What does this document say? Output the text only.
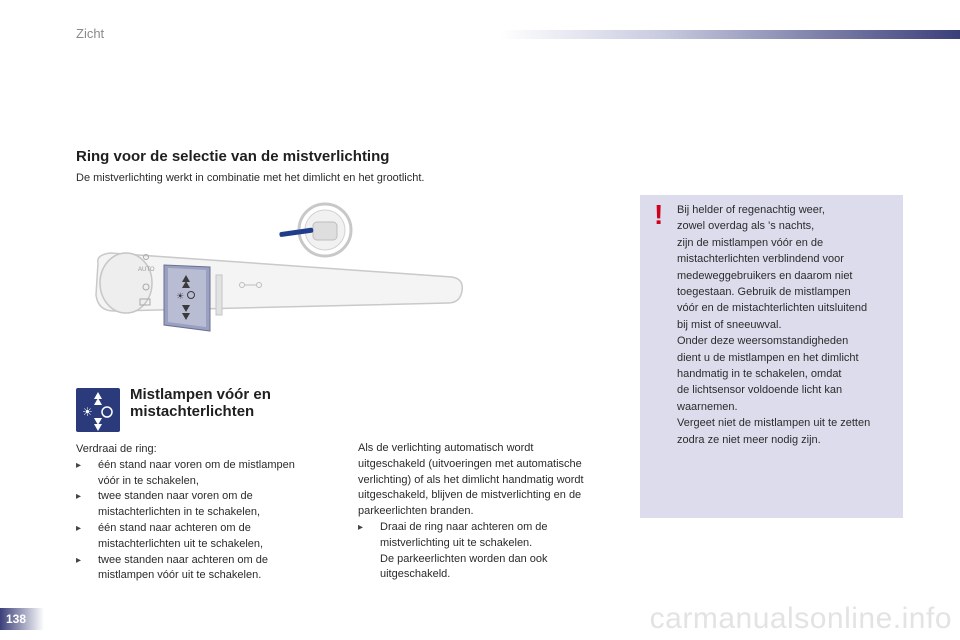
Zicht
Ring voor de selectie van de mistverlichting
De mistverlichting werkt in combinatie met het dimlicht en het grootlicht.
AUTO
☀
☀
Mistlampen vóór en
mistachterlichten
Verdraai de ring:
▸ één stand naar voren om de mistlampen
vóór in te schakelen,
▸ twee standen naar voren om de
mistachterlichten in te schakelen,
▸ één stand naar achteren om de
mistachterlichten uit te schakelen,
▸ twee standen naar achteren om de
mistlampen vóór uit te schakelen.
Als de verlichting automatisch wordt
uitgeschakeld (uitvoeringen met automatische
verlichting) of als het dimlicht handmatig wordt
uitgeschakeld, blijven de mistverlichting en de
parkeerlichten branden.
▸ Draai de ring naar achteren om de
mistverlichting uit te schakelen.
De parkeerlichten worden dan ook
uitgeschakeld.
! Bij helder of regenachtig weer,
zowel overdag als 's nachts,
zijn de mistlampen vóór en de
mistachterlichten verblindend voor
medeweggebruikers en daarom niet
toegestaan. Gebruik de mistlampen
vóór en de mistachterlichten uitsluitend
bij mist of sneeuwval.
Onder deze weersomstandigheden
dient u de mistlampen en het dimlicht
handmatig in te schakelen, omdat
de lichtsensor voldoende licht kan
waarnemen.
Vergeet niet de mistlampen uit te zetten
zodra ze niet meer nodig zijn.
138	carmanualsonline.info
